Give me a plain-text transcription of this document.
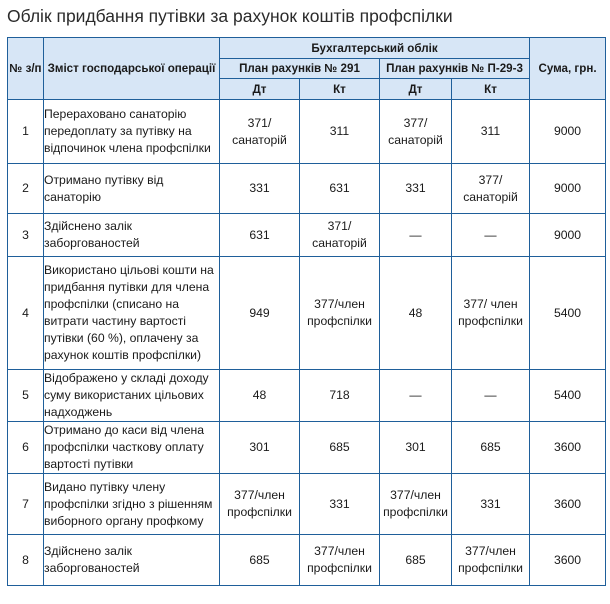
Облік придбання путівки за рахунок коштів профспілки
№ з/п	Зміст господарської операції	Бухгалтерський облік				Сума, грн.
		План рахунків № 291		План рахунків № П-29-3		
		Дт	Кт	Дт	Кт	
1	Перераховано санаторію передоплату за путівку на відпочинок члена профспілки	371/ санаторій	311	377/ санаторій	311	9000
2	Отримано путівку від санаторію	331	631	331	377/ санаторій	9000
3	Здійснено залік заборгованостей	631	371/ санаторій	—	—	9000
4	Використано цільові кошти на придбання путівки для члена профспілки (списано на витрати частину вартості путівки (60 %), оплачену за рахунок коштів профспілки)	949	377/член профспілки	48	377/ член профспілки	5400
5	Відображено у складі доходу суму використаних цільових надходжень	48	718	—	—	5400
6	Отримано до каси від члена профспілки часткову оплату вартості путівки	301	685	301	685	3600
7	Видано путівку члену профспілки згідно з рішенням виборного органу профкому	377/член профспілки	331	377/член профспілки	331	3600
8	Здійснено залік заборгованостей	685	377/член профспілки	685	377/член профспілки	3600
